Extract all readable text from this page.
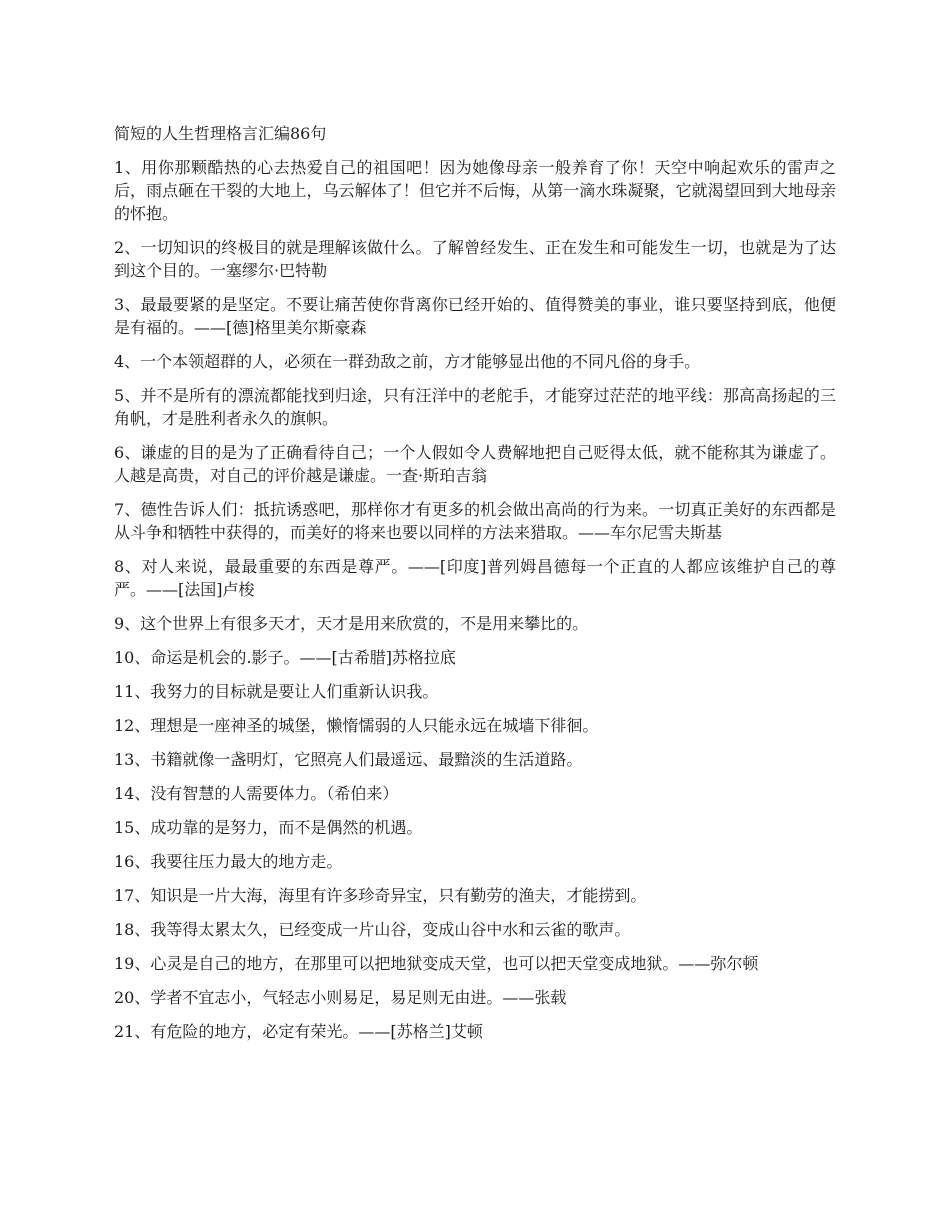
简短的人生哲理格言汇编86句
1、用你那颗酷热的心去热爱自己的祖国吧！因为她像母亲一般养育了你！天空中响起欢乐的雷声之后，雨点砸在干裂的大地上，乌云解体了！但它并不后悔，从第一滴水珠凝聚，它就渴望回到大地母亲的怀抱。
2、一切知识的终极目的就是理解该做什么。了解曾经发生、正在发生和可能发生一切，也就是为了达到这个目的。一塞缪尔·巴特勒
3、最最要紧的是坚定。不要让痛苦使你背离你已经开始的、值得赞美的事业，谁只要坚持到底，他便是有福的。——[德]格里美尔斯豪森
4、一个本领超群的人，必须在一群劲敌之前，方才能够显出他的不同凡俗的身手。
5、并不是所有的漂流都能找到归途，只有汪洋中的老舵手，才能穿过茫茫的地平线：那高高扬起的三角帆，才是胜利者永久的旗帜。
6、谦虚的目的是为了正确看待自己；一个人假如令人费解地把自己贬得太低，就不能称其为谦虚了。人越是高贵，对自己的评价越是谦虚。一查·斯珀吉翁
7、德性告诉人们：抵抗诱惑吧，那样你才有更多的机会做出高尚的行为来。一切真正美好的东西都是从斗争和牺牲中获得的，而美好的将来也要以同样的方法来猎取。——车尔尼雪夫斯基
8、对人来说，最最重要的东西是尊严。——[印度]普列姆昌德每一个正直的人都应该维护自己的尊严。——[法国]卢梭
9、这个世界上有很多天才，天才是用来欣赏的，不是用来攀比的。
10、命运是机会的.影子。——[古希腊]苏格拉底
11、我努力的目标就是要让人们重新认识我。
12、理想是一座神圣的城堡，懒惰懦弱的人只能永远在城墙下徘徊。
13、书籍就像一盏明灯，它照亮人们最遥远、最黯淡的生活道路。
14、没有智慧的人需要体力。（希伯来）
15、成功靠的是努力，而不是偶然的机遇。
16、我要往压力最大的地方走。
17、知识是一片大海，海里有许多珍奇异宝，只有勤劳的渔夫，才能捞到。
18、我等得太累太久，已经变成一片山谷，变成山谷中水和云雀的歌声。
19、心灵是自己的地方，在那里可以把地狱变成天堂，也可以把天堂变成地狱。——弥尔顿
20、学者不宜志小，气轻志小则易足，易足则无由进。——张载
21、有危险的地方，必定有荣光。——[苏格兰]艾顿
